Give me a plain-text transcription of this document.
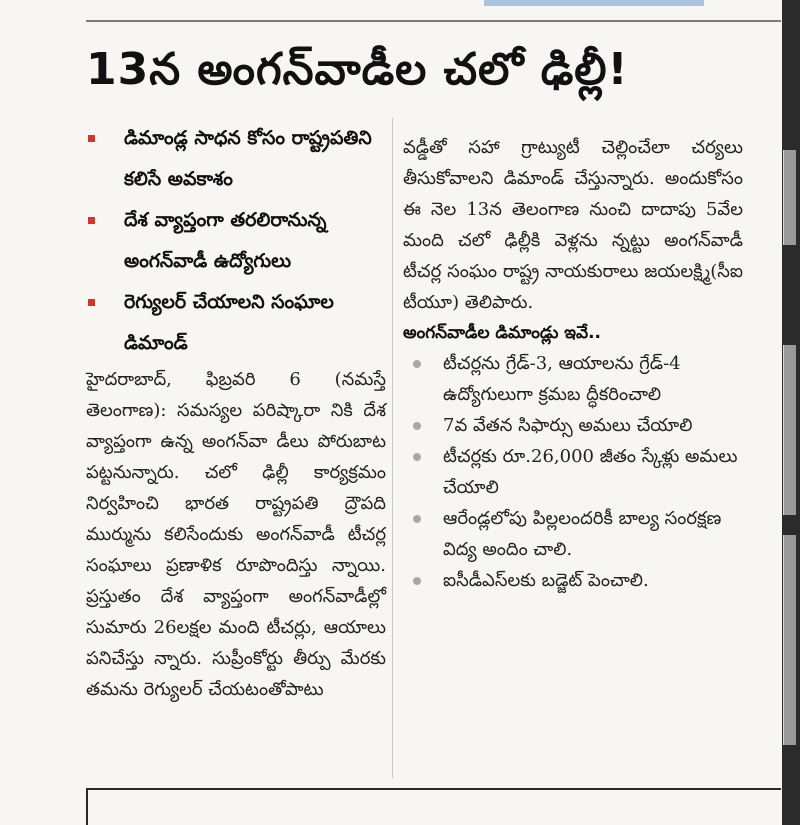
13న అంగన్‌వాడీల చలో ఢిల్లీ!
డిమాండ్ల సాధన కోసం రాష్ట్రపతిని కలిసే అవకాశం
దేశ వ్యాప్తంగా తరలిరానున్న అంగన్‌వాడీ ఉద్యోగులు
రెగ్యులర్ చేయాలని సంఘాల డిమాండ్

హైదరాబాద్, ఫిబ్రవరి 6 (నమస్తే తెలంగాణ): సమస్యల పరిష్కారా నికి దేశ వ్యాప్తంగా ఉన్న అంగన్‌వా డీలు పోరుబాట పట్టనున్నారు. చలో ఢిల్లీ కార్యక్రమం నిర్వహించి భారత రాష్ట్రపతి ద్రౌపది ముర్మును కలిసేందుకు అంగన్‌వాడీ టీచర్ల సంఘాలు ప్రణాళిక రూపొందిస్తు న్నాయి. ప్రస్తుతం దేశ వ్యాప్తంగా అంగన్‌వాడీల్లో సుమారు 26లక్షల మంది టీచర్లు, ఆయాలు పనిచేస్తు న్నారు. సుప్రీంకోర్టు తీర్పు మేరకు తమను రెగ్యులర్ చేయటంతోపాటు

వడ్డీతో సహా గ్రాట్యుటీ చెల్లించేలా చర్యలు తీసుకోవాలని డిమాండ్ చేస్తున్నారు. అందుకోసం ఈ నెల 13న తెలంగాణ నుంచి దాదాపు 5వేల మంది చలో ఢిల్లీకి వెళ్లను న్నట్టు అంగన్‌వాడీ టీచర్ల సంఘం రాష్ట్ర నాయకురాలు జయలక్ష్మి(సీఐ టీయూ) తెలిపారు.

అంగన్‌వాడీల డిమాండ్లు ఇవే..

టీచర్లను గ్రేడ్-3, ఆయాలను గ్రేడ్-4 ఉద్యోగులుగా క్రమబ ద్ధీకరించాలి
7వ వేతన సిఫార్సు అమలు చేయాలి
టీచర్లకు రూ.26,000 జీతం స్కేళ్లు అమలు చేయాలి
ఆరేండ్లలోపు పిల్లలందరికీ బాల్య సంరక్షణ విద్య అందిం చాలి.
ఐసీడీఎస్‌లకు బడ్జెట్ పెంచాలి.
